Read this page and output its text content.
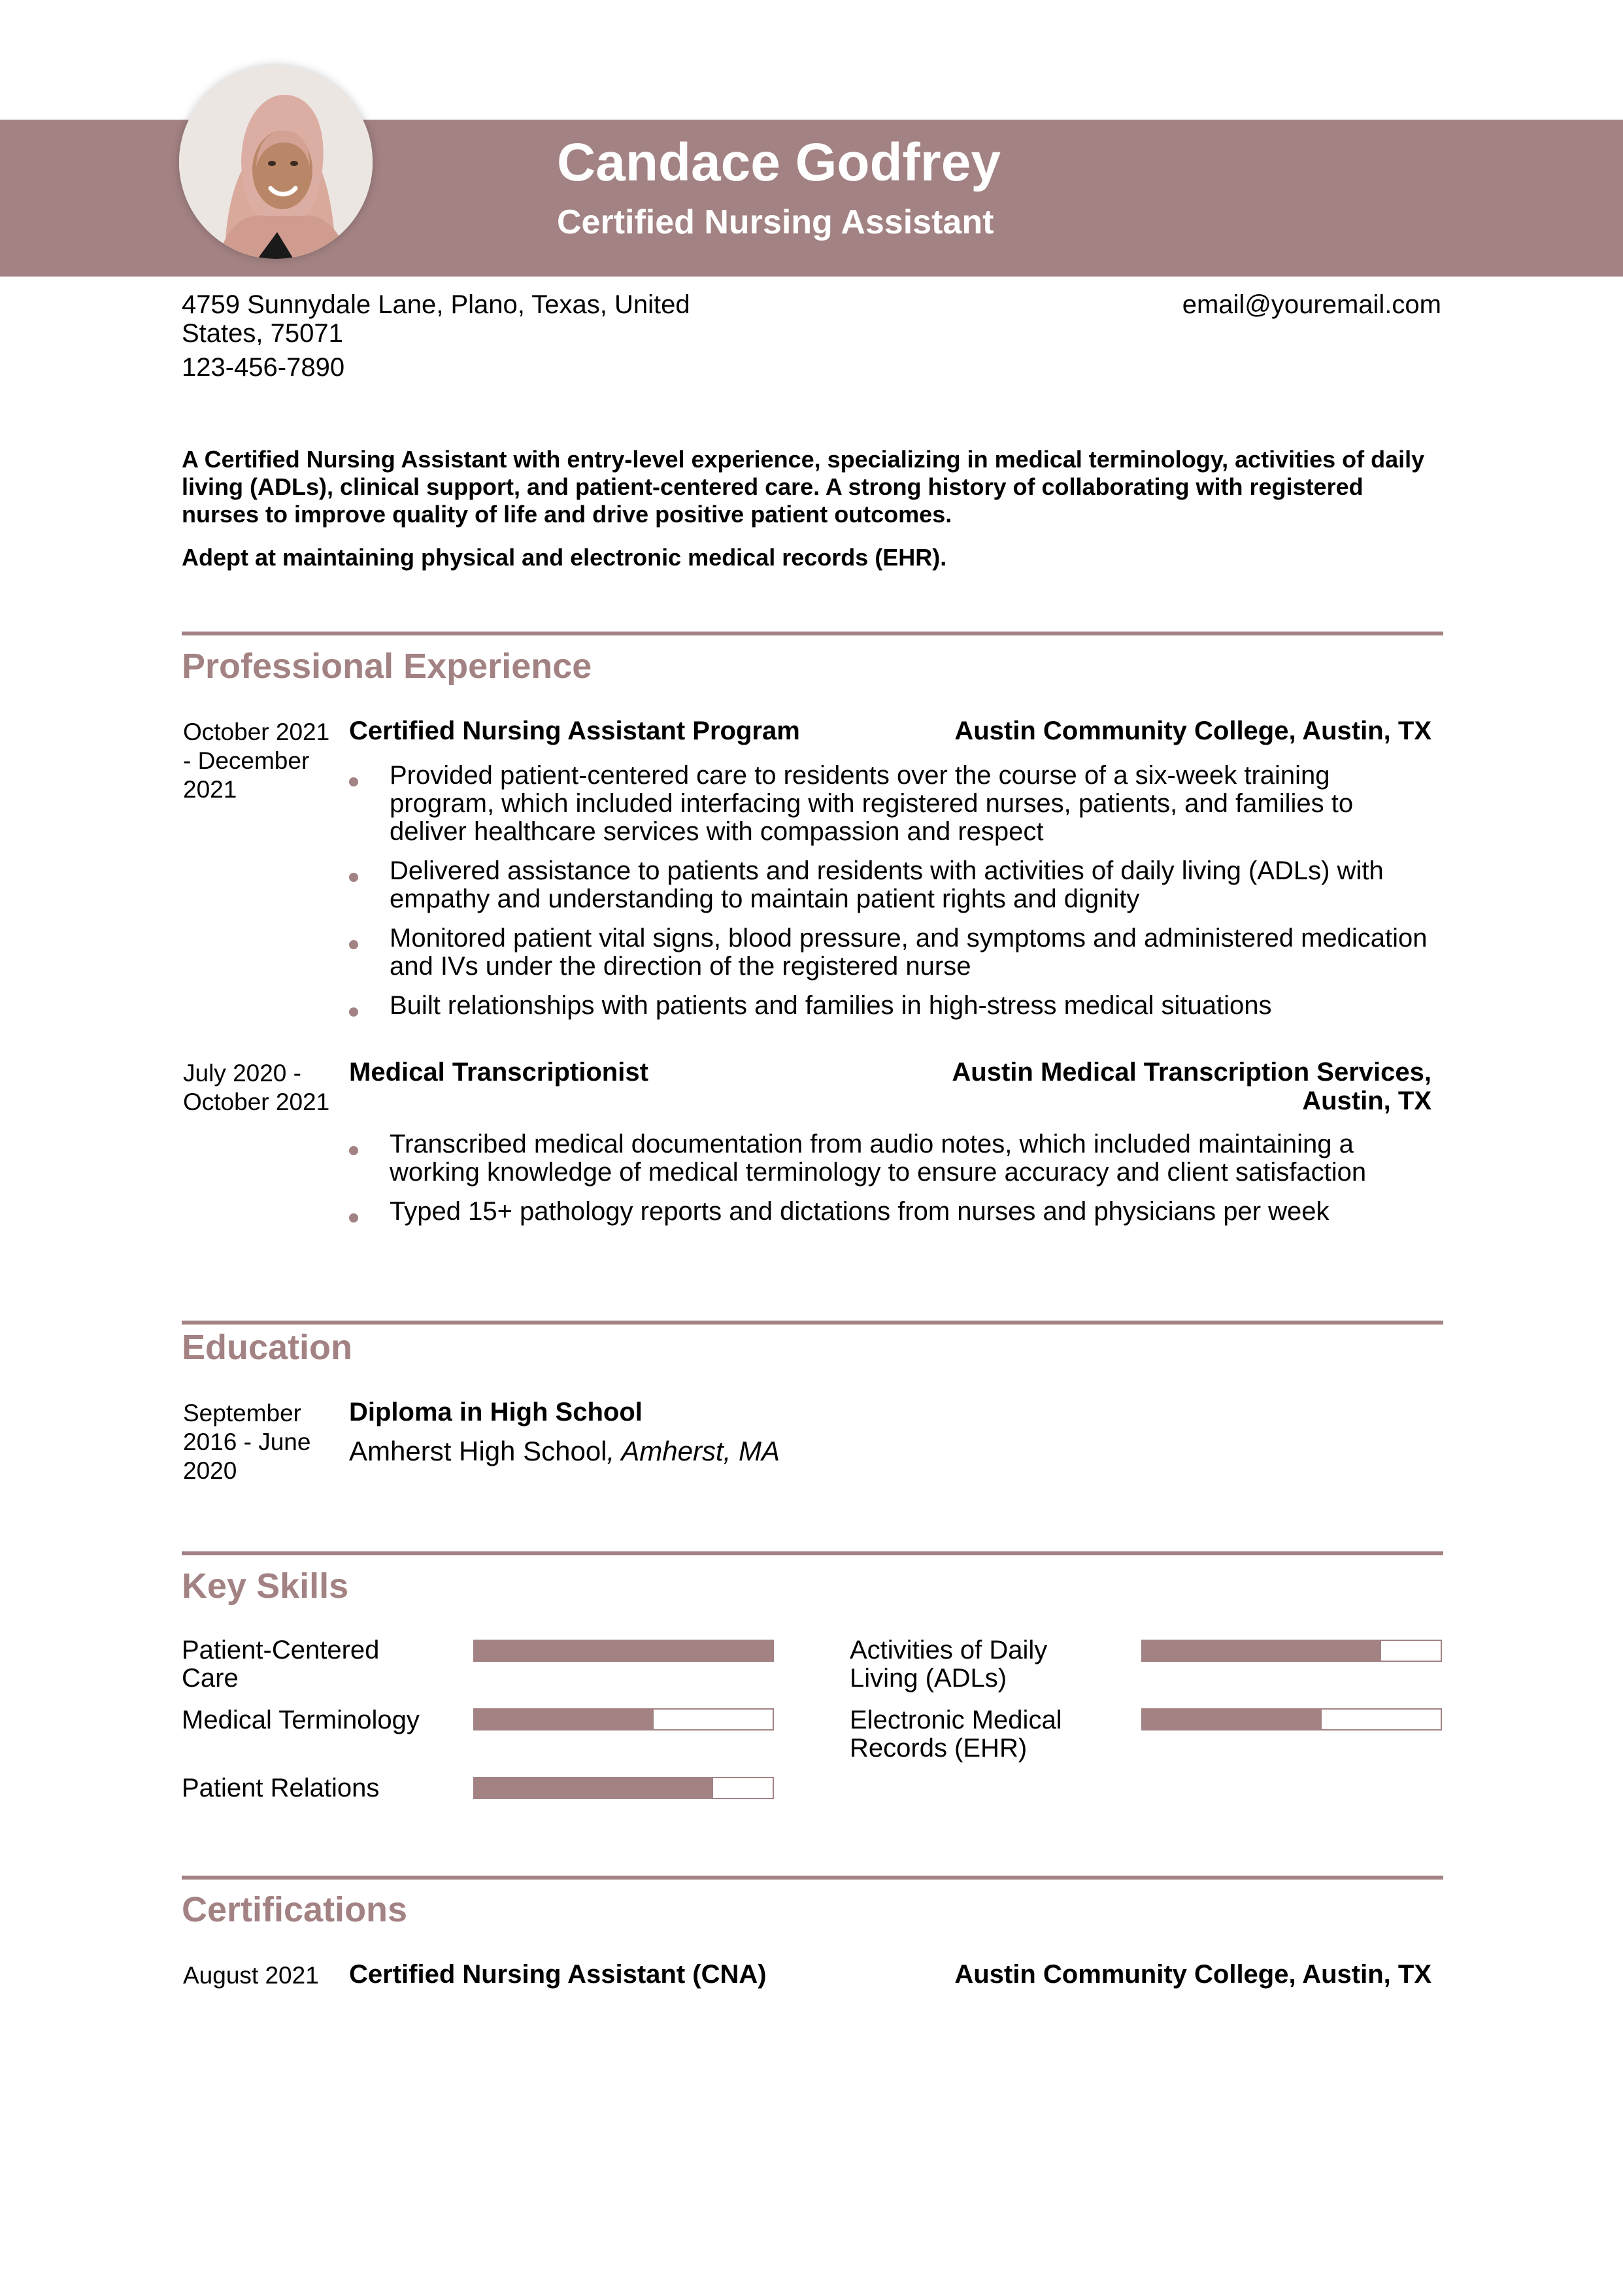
Candace Godfrey
Certified Nursing Assistant
4759 Sunnydale Lane, Plano, Texas, United States, 75071
123-456-7890
email@youremail.com
A Certified Nursing Assistant with entry-level experience, specializing in medical terminology, activities of daily living (ADLs), clinical support, and patient-centered care. A strong history of collaborating with registered nurses to improve quality of life and drive positive patient outcomes.
Adept at maintaining physical and electronic medical records (EHR).
Professional Experience
October 2021 - December 2021
Certified Nursing Assistant Program	Austin Community College, Austin, TX
Provided patient-centered care to residents over the course of a six-week training program, which included interfacing with registered nurses, patients, and families to deliver healthcare services with compassion and respect
Delivered assistance to patients and residents with activities of daily living (ADLs) with empathy and understanding to maintain patient rights and dignity
Monitored patient vital signs, blood pressure, and symptoms and administered medication and IVs under the direction of the registered nurse
Built relationships with patients and families in high-stress medical situations
July 2020 - October 2021
Medical Transcriptionist	Austin Medical Transcription Services, Austin, TX
Transcribed medical documentation from audio notes, which included maintaining a working knowledge of medical terminology to ensure accuracy and client satisfaction
Typed 15+ pathology reports and dictations from nurses and physicians per week
Education
September 2016 - June 2020
Diploma in High School
Amherst High School, Amherst, MA
Key Skills
Patient-Centered Care
Activities of Daily Living (ADLs)
Medical Terminology	Electronic Medical Records (EHR)
Patient Relations
Certifications
August 2021	Certified Nursing Assistant (CNA)	Austin Community College, Austin, TX
